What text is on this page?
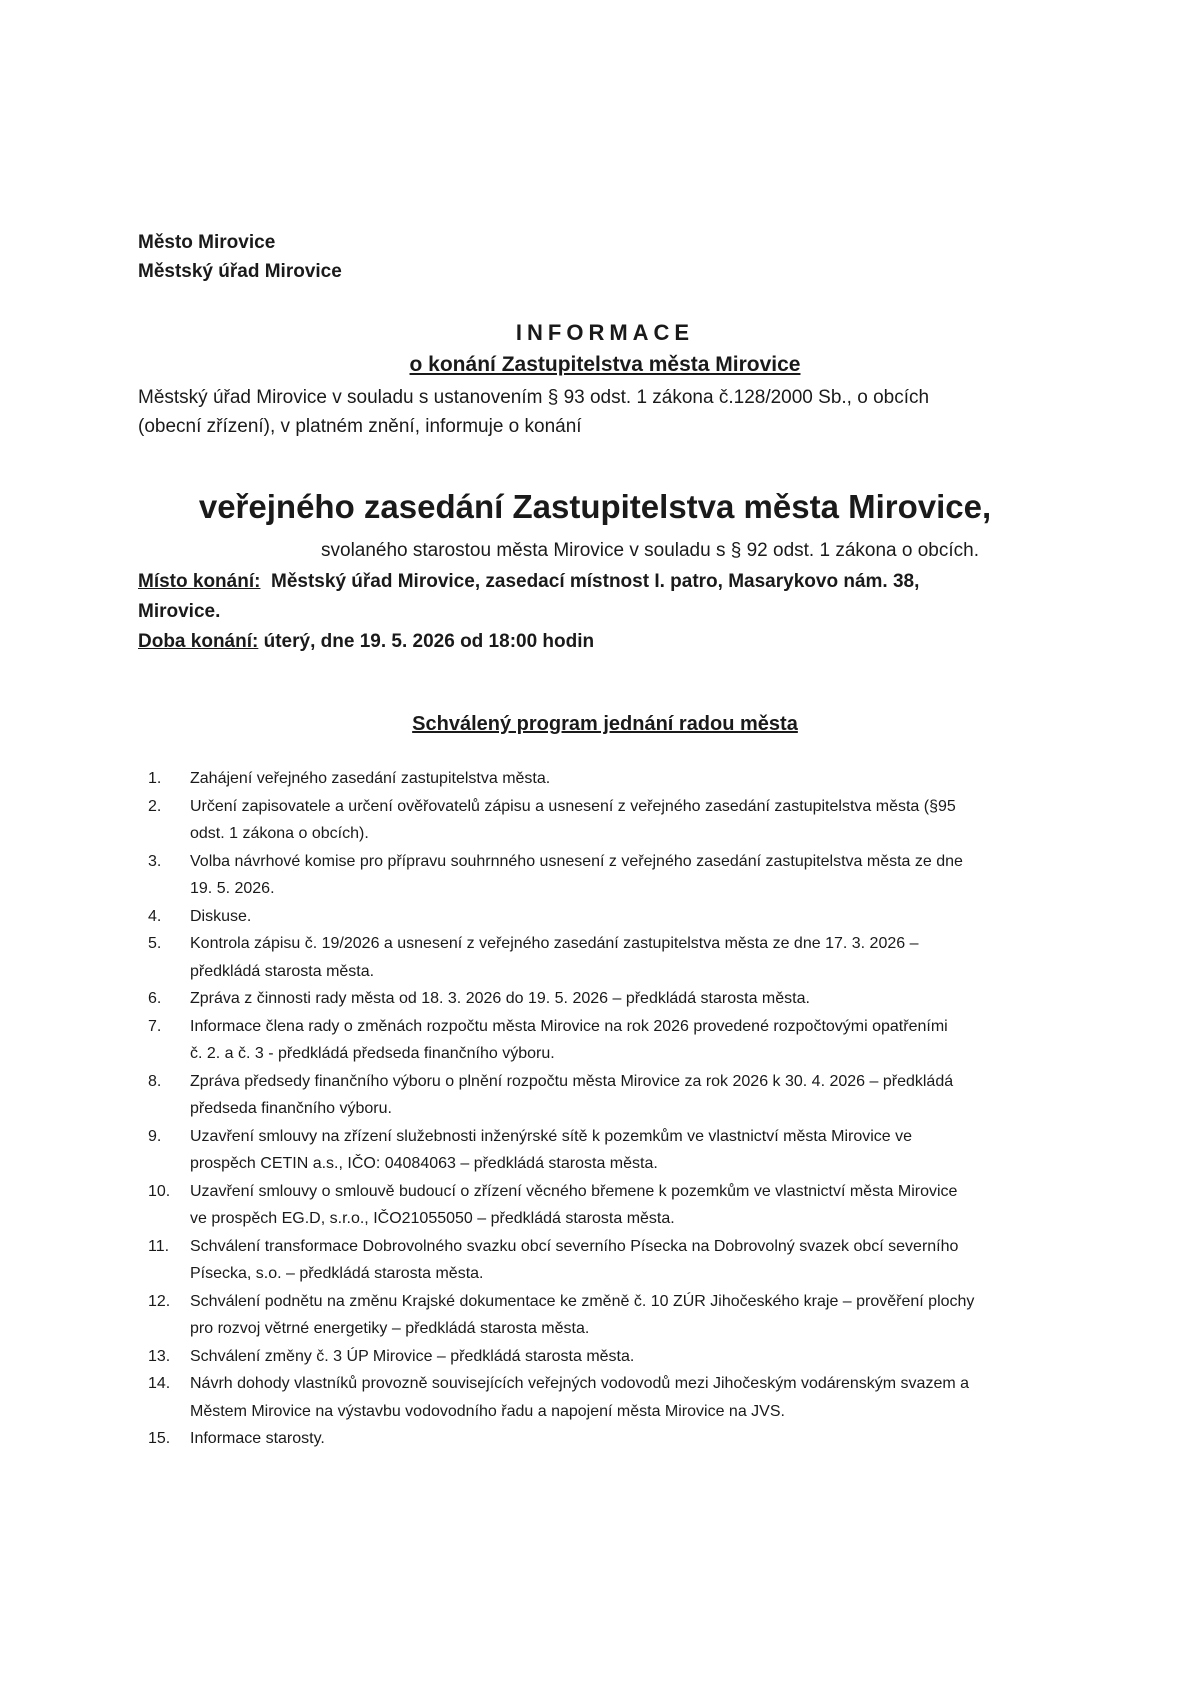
Město Mirovice
Městský úřad Mirovice
INFORMACE
o konání Zastupitelstva města Mirovice
Městský úřad Mirovice v souladu s ustanovením § 93 odst. 1 zákona č.128/2000 Sb., o obcích
(obecní zřízení), v platném znění, informuje o konání
veřejného zasedání Zastupitelstva města Mirovice,
svolaného starostou města Mirovice v souladu s § 92 odst. 1 zákona o obcích.
Místo konání: Městský úřad Mirovice, zasedací místnost I. patro, Masarykovo nám. 38,
Mirovice.
Doba konání: úterý, dne 19. 5. 2026 od 18:00 hodin
Schválený program jednání radou města
1.	Zahájení veřejného zasedání zastupitelstva města.
2.	Určení zapisovatele a určení ověřovatelů zápisu a usnesení z veřejného zasedání zastupitelstva města (§95
odst. 1 zákona o obcích).
3.	Volba návrhové komise pro přípravu souhrnného usnesení z veřejného zasedání zastupitelstva města ze dne
19. 5. 2026.
4.	Diskuse.
5.	Kontrola zápisu č. 19/2026 a usnesení z veřejného zasedání zastupitelstva města ze dne 17. 3. 2026 –
předkládá starosta města.
6.	Zpráva z činnosti rady města od 18. 3. 2026 do 19. 5. 2026 – předkládá starosta města.
7.	Informace člena rady o změnách rozpočtu města Mirovice na rok 2026 provedené rozpočtovými opatřeními
č. 2. a č. 3 - předkládá předseda finančního výboru.
8.	Zpráva předsedy finančního výboru o plnění rozpočtu města Mirovice za rok 2026 k 30. 4. 2026 – předkládá
předseda finančního výboru.
9.	Uzavření smlouvy na zřízení služebnosti inženýrské sítě k pozemkům ve vlastnictví města Mirovice ve
prospěch CETIN a.s., IČO: 04084063 – předkládá starosta města.
10.	Uzavření smlouvy o smlouvě budoucí o zřízení věcného břemene k pozemkům ve vlastnictví města Mirovice
ve prospěch EG.D, s.r.o., IČO21055050 – předkládá starosta města.
11.	Schválení transformace Dobrovolného svazku obcí severního Písecka na Dobrovolný svazek obcí severního
Písecka, s.o. – předkládá starosta města.
12.	Schválení podnětu na změnu Krajské dokumentace ke změně č. 10 ZÚR Jihočeského kraje – prověření plochy
pro rozvoj větrné energetiky – předkládá starosta města.
13.	Schválení změny č. 3 ÚP Mirovice – předkládá starosta města.
14.	Návrh dohody vlastníků provozně souvisejících veřejných vodovodů mezi Jihočeským vodárenským svazem a
Městem Mirovice na výstavbu vodovodního řadu a napojení města Mirovice na JVS.
15.	Informace starosty.
